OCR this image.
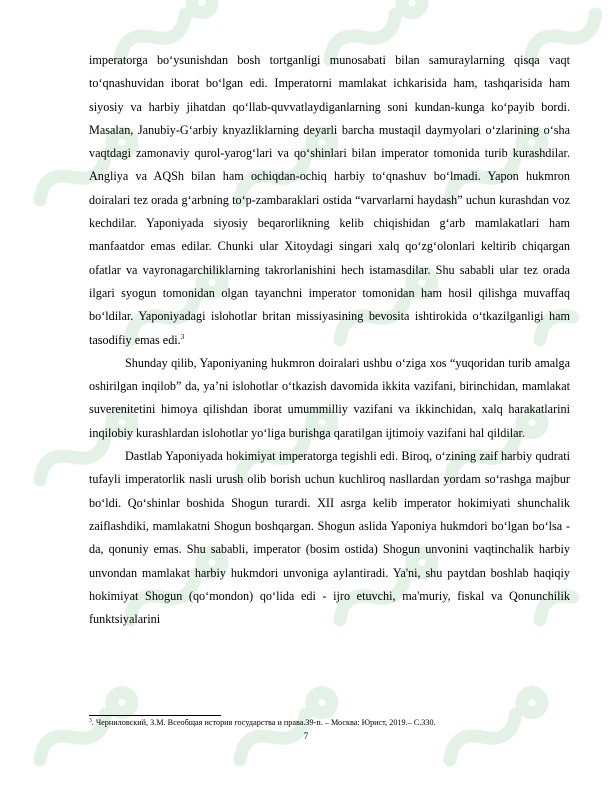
imperatorga bo‘ysunishdan bosh tortganligi munosabati bilan samuraylarning qisqa vaqt to‘qnashuvidan iborat bo‘lgan edi. Imperatorni mamlakat ichkarisida ham, tashqarisida ham siyosiy va harbiy jihatdan qo‘llab-quvvatlaydiganlarning soni kundan-kunga ko‘payib bordi. Masalan, Janubiy-G‘arbiy knyazliklarning deyarli barcha mustaqil daymyolari o‘zlarining o‘sha vaqtdagi zamonaviy qurol-yarog‘lari va qo‘shinlari bilan imperator tomonida turib kurashdilar. Angliya va AQSh bilan ham ochiqdan-ochiq harbiy to‘qnashuv bo‘lmadi. Yapon hukmron doiralari tez orada g‘arbning to‘p-zambaraklari ostida “varvarlarni haydash” uchun kurashdan voz kechdilar. Yaponiyada siyosiy beqarorlikning kelib chiqishidan g‘arb mamlakatlari ham manfaatdor emas edilar. Chunki ular Xitoydagi singari xalq qo‘zg‘olonlari keltirib chiqargan ofatlar va vayronagarchiliklarning takrorlanishini hech istamasdilar. Shu sababli ular tez orada ilgari syogun tomonidan olgan tayanchni imperator tomonidan ham hosil qilishga muvaffaq bo‘ldilar. Yaponiyadagi islohotlar britan missiyasining bevosita ishtirokida o‘tkazilganligi ham tasodifiy emas edi.$^3$

Shunday qilib, Yaponiyaning hukmron doiralari ushbu o‘ziga xos “yuqoridan turib amalga oshirilgan inqilob” da, ya’ni islohotlar o‘tkazish davomida ikkita vazifani, birinchidan, mamlakat suverenitetini himoya qilishdan iborat umummilliy vazifani va ikkinchidan, xalq harakatlarini inqilobiy kurashlardan islohotlar yo‘liga burishga qaratilgan ijtimoiy vazifani hal qildilar.

Dastlab Yaponiyada hokimiyat imperatorga tegishli edi. Biroq, o‘zining zaif harbiy qudrati tufayli imperatorlik nasli urush olib borish uchun kuchliroq nasllardan yordam so‘rashga majbur bo‘ldi. Qo‘shinlar boshida Shogun turardi. XII asrga kelib imperator hokimiyati shunchalik zaiflashdiki, mamlakatni Shogun boshqargan. Shogun aslida Yaponiya hukmdori bo‘lgan bo‘lsa - da, qonuniy emas. Shu sababli, imperator (bosim ostida) Shogun unvonini vaqtinchalik harbiy unvondan mamlakat harbiy hukmdori unvoniga aylantiradi. Ya'ni, shu paytdan boshlab haqiqiy hokimiyat Shogun (qo‘mondon) qo‘lida edi - ijro etuvchi, ma'muriy, fiskal va Qonunchilik funktsiyalarini

$^3$. Черниловский, З.М. Всеобщая история государства и права.39-п. – Москва: Юрист, 2019.– С.330.
7
